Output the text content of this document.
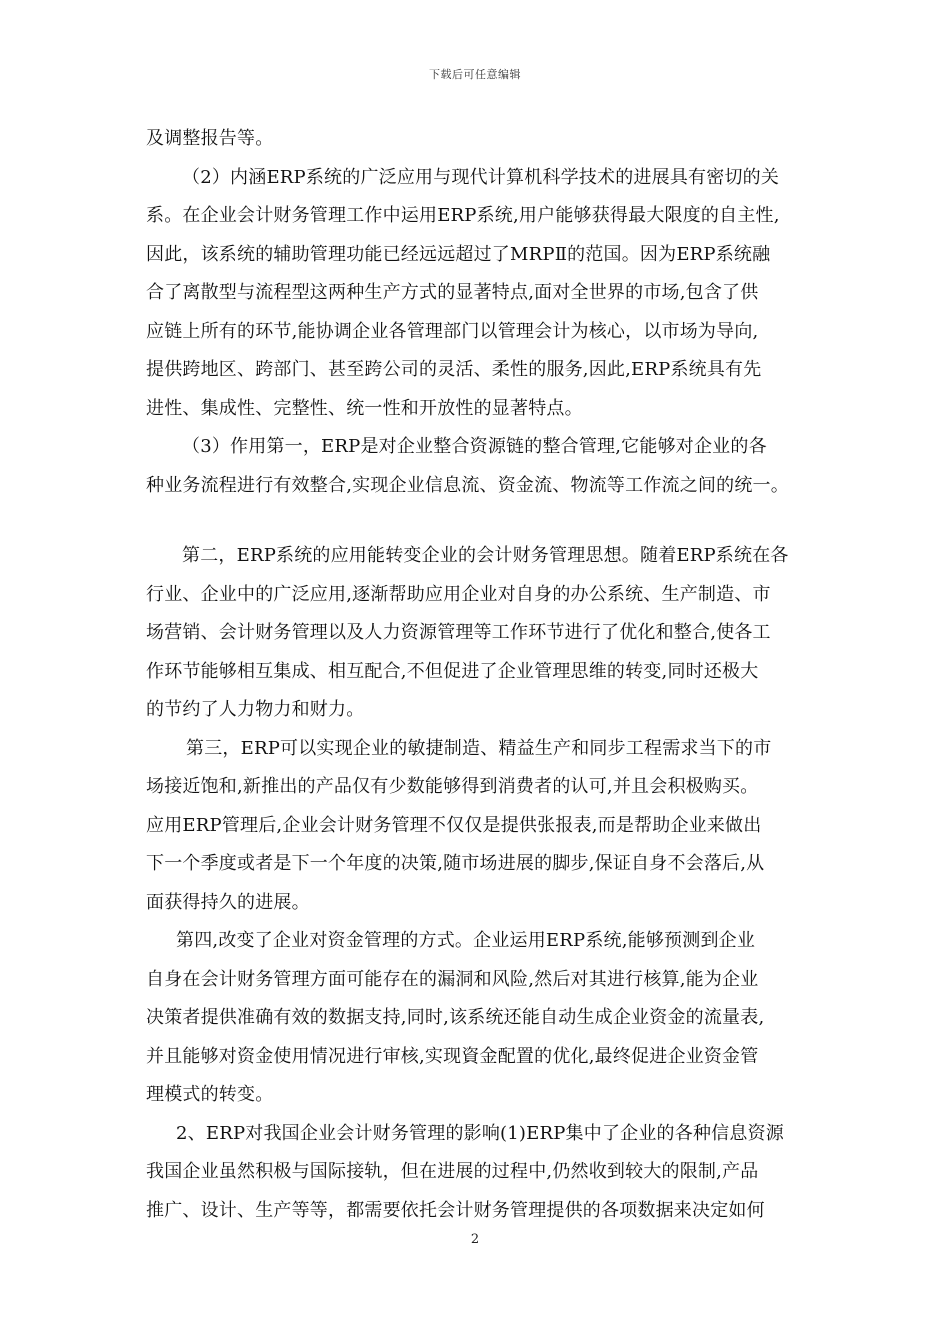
下载后可任意编辑
及调整报告等。
（2）内涵ERP系统的广泛应用与现代计算机科学技术的进展具有密切的关
系。在企业会计财务管理工作中运用ERP系统,用户能够获得最大限度的自主性,
因此，该系统的辅助管理功能已经远远超过了MRPⅡ的范国。因为ERP系统融
合了离散型与流程型这两种生产方式的显著特点,面对全世界的市场,包含了供
应链上所有的环节,能协调企业各管理部门以管理会计为核心，以市场为导向,
提供跨地区、跨部门、甚至跨公司的灵活、柔性的服务,因此,ERP系统具有先
进性、集成性、完整性、统一性和开放性的显著特点。
（3）作用第一，ERP是对企业整合资源链的整合管理,它能够对企业的各
种业务流程进行有效整合,实现企业信息流、资金流、物流等工作流之间的统一。
第二，ERP系统的应用能转变企业的会计财务管理思想。随着ERP系统在各
行业、企业中的广泛应用,逐渐帮助应用企业对自身的办公系统、生产制造、市
场营销、会计财务管理以及人力资源管理等工作环节进行了优化和整合,使各工
作环节能够相互集成、相互配合,不但促进了企业管理思维的转变,同时还极大
的节约了人力物力和财力。
第三，ERP可以实现企业的敏捷制造、精益生产和同步工程需求当下的市
场接近饱和,新推出的产品仅有少数能够得到消费者的认可,并且会积极购买。
应用ERP管理后,企业会计财务管理不仅仅是提供张报表,而是帮助企业来做出
下一个季度或者是下一个年度的决策,随市场进展的脚步,保证自身不会落后,从
面获得持久的进展。
第四,改变了企业对资金管理的方式。企业运用ERP系统,能够预测到企业
自身在会计财务管理方面可能存在的漏洞和风险,然后对其进行核算,能为企业
决策者提供准确有效的数据支持,同时,该系统还能自动生成企业资金的流量表,
并且能够对资金使用情况进行审核,实现資金配置的优化,最终促进企业资金管
理模式的转变。
2、ERP对我国企业会计财务管理的影响(1)ERP集中了企业的各种信息资源
我国企业虽然积极与国际接轨，但在进展的过程中,仍然收到较大的限制,产品
推广、设计、生产等等，都需要依托会计财务管理提供的各项数据来决定如何
2
